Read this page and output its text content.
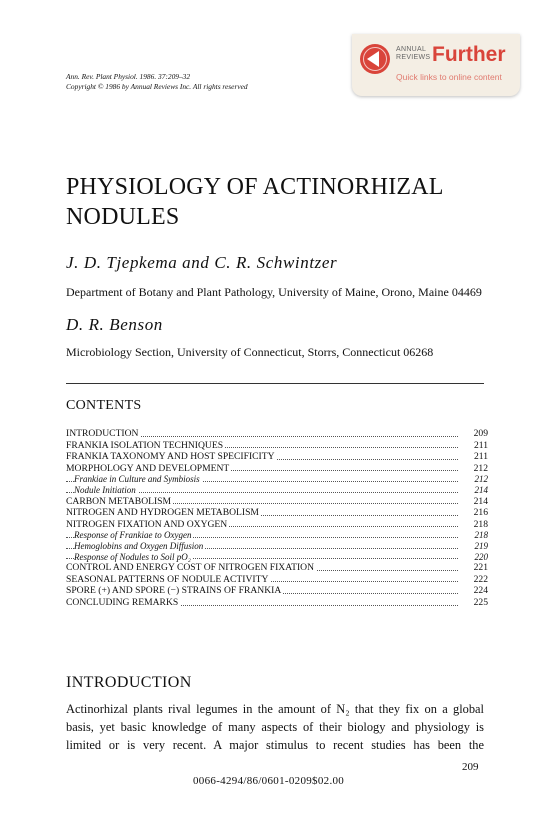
Ann. Rev. Plant Physiol. 1986. 37:209–32
Copyright © 1986 by Annual Reviews Inc. All rights reserved
ANNUAL
REVIEWS Further
Quick links to online content
PHYSIOLOGY OF ACTINORHIZAL
NODULES
J. D. Tjepkema and C. R. Schwintzer
Department of Botany and Plant Pathology, University of Maine, Orono, Maine 04469
D. R. Benson
Microbiology Section, University of Connecticut, Storrs, Connecticut 06268
CONTENTS
INTRODUCTION	209
FRANKIA ISOLATION TECHNIQUES	211
FRANKIA TAXONOMY AND HOST SPECIFICITY	211
MORPHOLOGY AND DEVELOPMENT	212
Frankiae in Culture and Symbiosis	212
Nodule Initiation	214
CARBON METABOLISM	214
NITROGEN AND HYDROGEN METABOLISM	216
NITROGEN FIXATION AND OXYGEN	218
Response of Frankiae to Oxygen	218
Hemoglobins and Oxygen Diffusion	219
Response of Nodules to Soil pO₂	220
CONTROL AND ENERGY COST OF NITROGEN FIXATION	221
SEASONAL PATTERNS OF NODULE ACTIVITY	222
SPORE (+) AND SPORE (−) STRAINS OF FRANKIA	224
CONCLUDING REMARKS	225
INTRODUCTION
Actinorhizal plants rival legumes in the amount of N₂ that they fix on a global
basis, yet basic knowledge of many aspects of their biology and physiology is
limited or is very recent. A major stimulus to recent studies has been the
209
0066-4294/86/0601-0209$02.00
